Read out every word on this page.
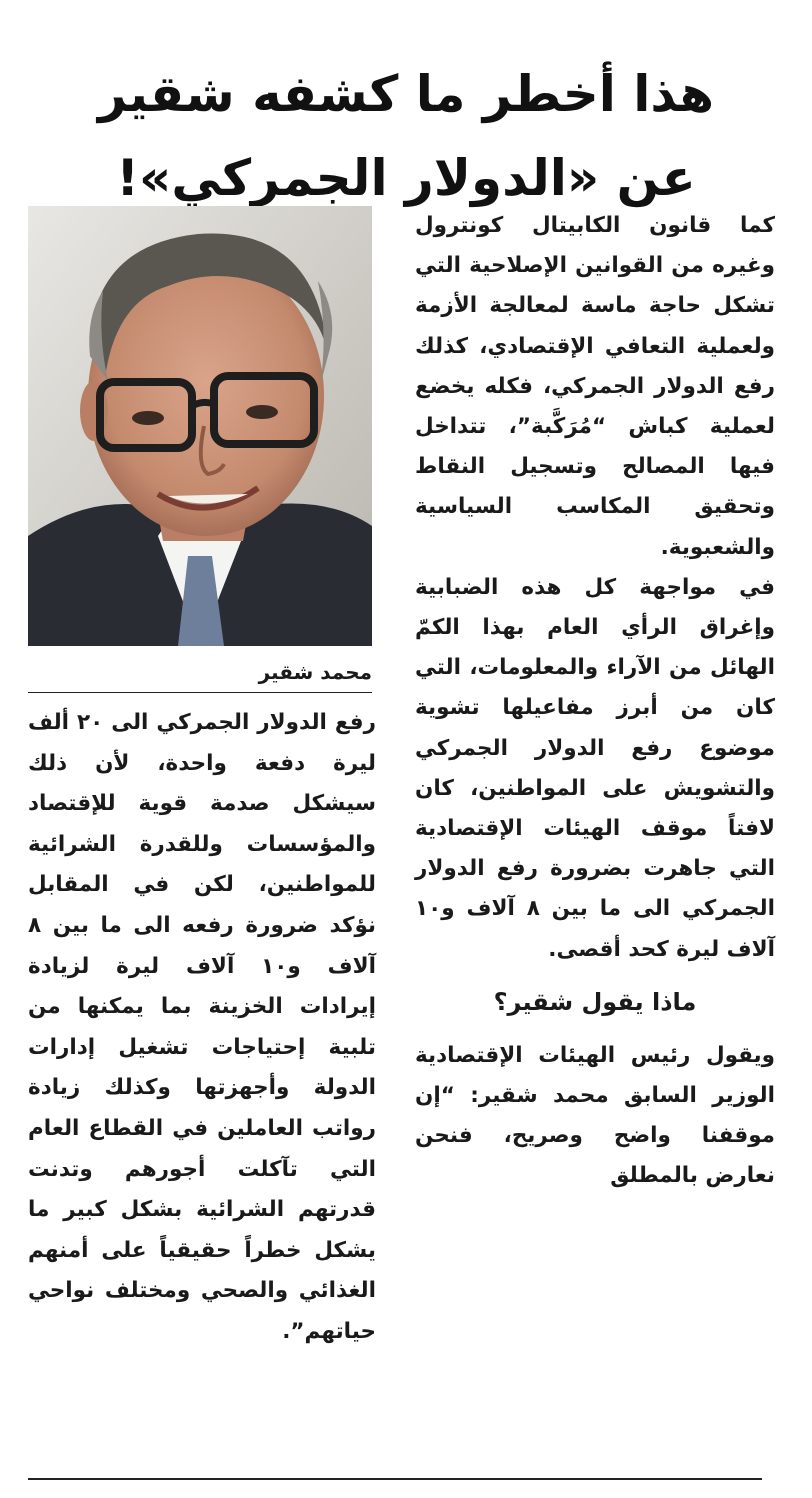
هذا أخطر ما كشفه شقير
عن «الدولار الجمركي»!
محمد شقير

كما قانون الكابيتال كونترول وغيره من القوانين الإصلاحية التي تشكل حاجة ماسة لمعالجة الأزمة ولعملية التعافي الإقتصادي، كذلك رفع الدولار الجمركي، فكله يخضع لعملية كباش “مُرَكَّبة”، تتداخل فيها المصالح وتسجيل النقاط وتحقيق المكاسب السياسية والشعبوية.

في مواجهة كل هذه الضبابية وإغراق الرأي العام بهذا الكمّ الهائل من الآراء والمعلومات، التي كان من أبرز مفاعيلها تشوية موضوع رفع الدولار الجمركي والتشويش على المواطنين، كان لافتاً موقف الهيئات الإقتصادية التي جاهرت بضرورة رفع الدولار الجمركي الى ما بين ٨ آلاف و١٠ آلاف ليرة كحد أقصى.

ماذا يقول شقير؟

ويقول رئيس الهيئات الإقتصادية الوزير السابق محمد شقير: “إن موقفنا واضح وصريح، فنحن نعارض بالمطلق

رفع الدولار الجمركي الى ٢٠ ألف ليرة دفعة واحدة، لأن ذلك سيشكل صدمة قوية للإقتصاد والمؤسسات وللقدرة الشرائية للمواطنين، لكن في المقابل نؤكد ضرورة رفعه الى ما بين ٨ آلاف و١٠ آلاف ليرة لزيادة إيرادات الخزينة بما يمكنها من تلبية إحتياجات تشغيل إدارات الدولة وأجهزتها وكذلك زيادة رواتب العاملين في القطاع العام التي تآكلت أجورهم وتدنت قدرتهم الشرائية بشكل كبير ما يشكل خطراً حقيقياً على أمنهم الغذائي والصحي ومختلف نواحي حياتهم”.
